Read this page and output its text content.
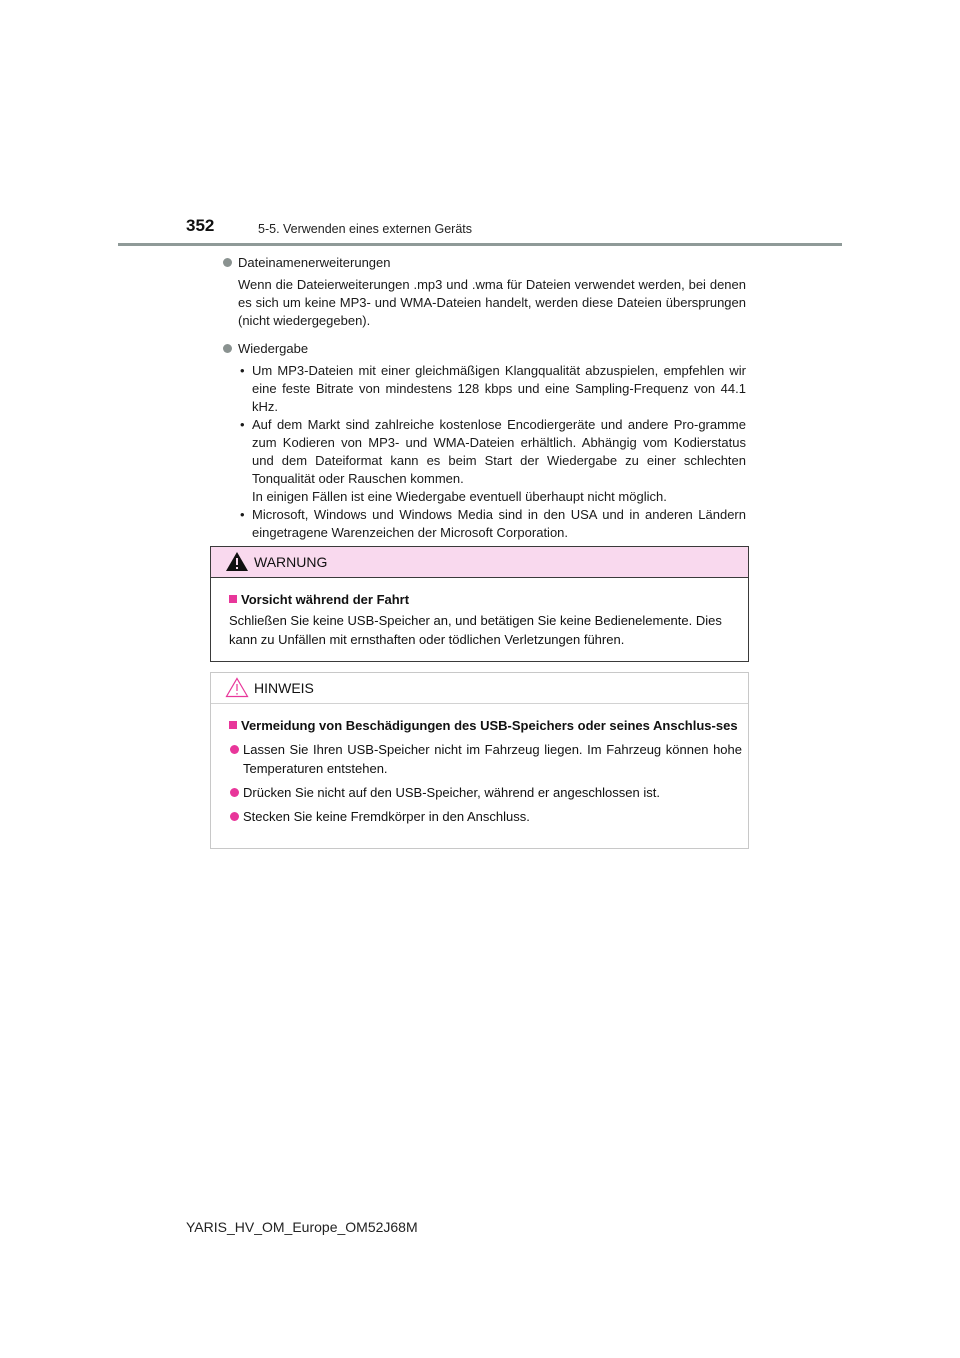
352	5-5. Verwenden eines externen Geräts
Dateinamenerweiterungen
Wenn die Dateierweiterungen .mp3 und .wma für Dateien verwendet werden, bei denen es sich um keine MP3- und WMA-Dateien handelt, werden diese Dateien übersprungen (nicht wiedergegeben).
Wiedergabe
• Um MP3-Dateien mit einer gleichmäßigen Klangqualität abzuspielen, empfehlen wir eine feste Bitrate von mindestens 128 kbps und eine Sampling-Frequenz von 44.1 kHz.
• Auf dem Markt sind zahlreiche kostenlose Encodiergeräte und andere Pro-gramme zum Kodieren von MP3- und WMA-Dateien erhältlich. Abhängig vom Kodierstatus und dem Dateiformat kann es beim Start der Wiedergabe zu einer schlechten Tonqualität oder Rauschen kommen.
In einigen Fällen ist eine Wiedergabe eventuell überhaupt nicht möglich.
• Microsoft, Windows und Windows Media sind in den USA und in anderen Ländern eingetragene Warenzeichen der Microsoft Corporation.
WARNUNG
Vorsicht während der Fahrt
Schließen Sie keine USB-Speicher an, und betätigen Sie keine Bedienelemente. Dies kann zu Unfällen mit ernsthaften oder tödlichen Verletzungen führen.
HINWEIS
Vermeidung von Beschädigungen des USB-Speichers oder seines Anschlus-ses
Lassen Sie Ihren USB-Speicher nicht im Fahrzeug liegen. Im Fahrzeug können hohe Temperaturen entstehen.
Drücken Sie nicht auf den USB-Speicher, während er angeschlossen ist.
Stecken Sie keine Fremdkörper in den Anschluss.
YARIS_HV_OM_Europe_OM52J68M
